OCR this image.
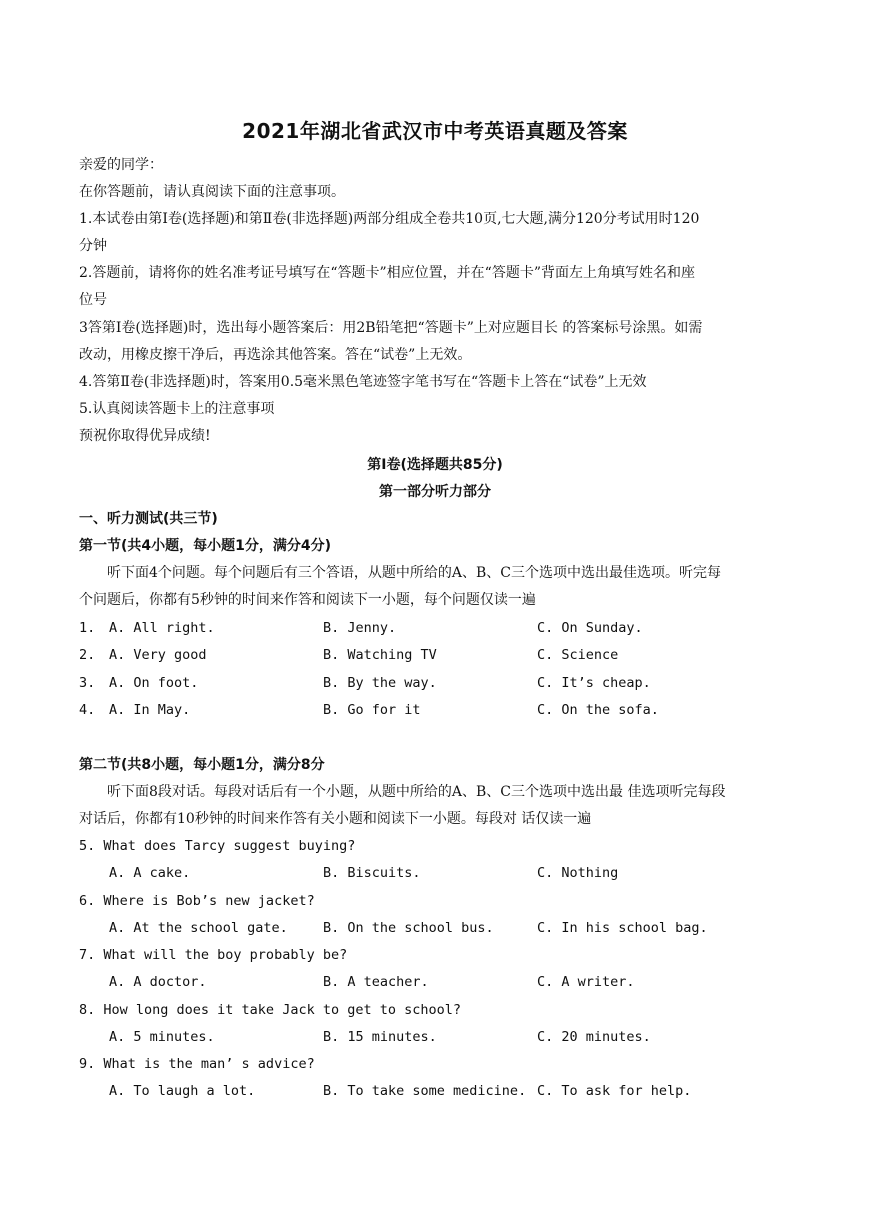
2021年湖北省武汉市中考英语真题及答案
亲爱的同学：
在你答题前，请认真阅读下面的注意事项。
1.本试卷由第Ⅰ卷(选择题)和第Ⅱ卷(非选择题)两部分组成全卷共10页,七大题,满分120分考试用时120
分钟
2.答题前，请将你的姓名准考证号填写在“答题卡”相应位置，并在“答题卡”背面左上角填写姓名和座
位号
3答第Ⅰ卷(选择题)时，选出每小题答案后：用2B铅笔把“答题卡”上对应题目长 的答案标号涂黑。如需
改动，用橡皮擦干净后，再选涂其他答案。答在“试卷”上无效。
4.答第Ⅱ卷(非选择题)时，答案用0.5毫米黑色笔迹签字笔书写在“答题卡上答在“试卷”上无效
5.认真阅读答题卡上的注意事项
预祝你取得优异成绩!
第Ⅰ卷(选择题共85分)
第一部分听力部分
一、听力测试(共三节)
第一节(共4小题，每小题1分，满分4分)
听下面4个问题。每个问题后有三个答语，从题中所给的A、B、C三个选项中选出最佳选项。听完每
个问题后，你都有5秒钟的时间来作答和阅读下一小题，每个问题仅读一遍
1. A. All right.	B. Jenny.	C. On Sunday.
2. A. Very good	B. Watching TV	C. Science
3. A. On foot.	B. By the way.	C. It’s cheap.
4. A. In May.	B. Go for it	C. On the sofa.
第二节(共8小题，每小题1分，满分8分
听下面8段对话。每段对话后有一个小题，从题中所给的A、B、C三个选项中选出最 佳选项听完每段
对话后，你都有10秒钟的时间来作答有关小题和阅读下一小题。每段对 话仅读一遍
5. What does Tarcy suggest buying?
A. A cake.	B. Biscuits.	C. Nothing
6. Where is Bob’s new jacket?
A. At the school gate.	B. On the school bus.	C. In his school bag.
7. What will the boy probably be?
A. A doctor.	B. A teacher.	C. A writer.
8. How long does it take Jack to get to school?
A. 5 minutes.	B. 15 minutes.	C. 20 minutes.
9. What is the man’ s advice?
A. To laugh a lot.	B. To take some medicine. C. To ask for help.
